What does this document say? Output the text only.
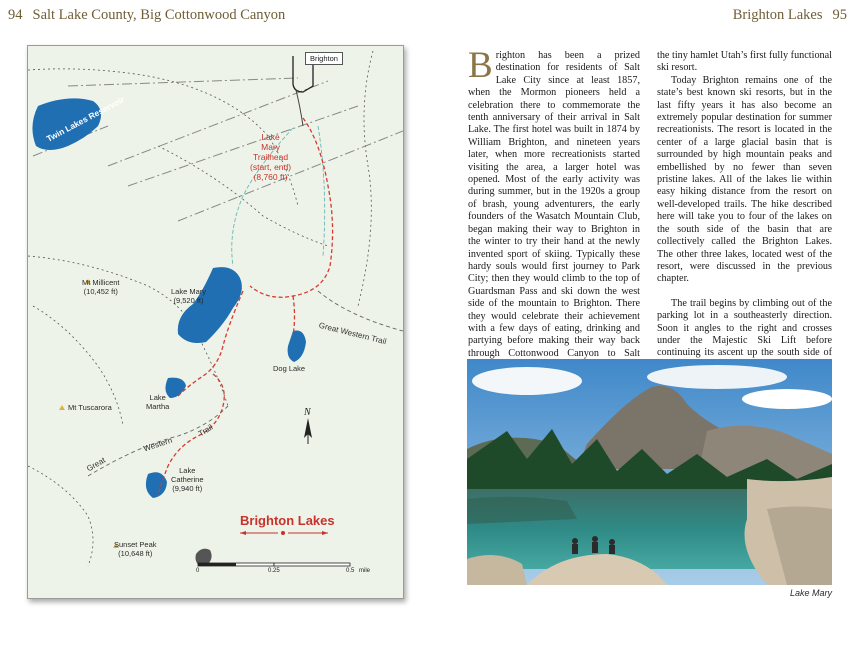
94 Salt Lake County, Big Cottonwood Canyon	Brighton Lakes 95
Brighton
Twin Lakes Reservoir	Lake
Mary
Trailhead
(start, end)
(8,760 ft)
Mt Millicent
(10,452 ft)	Lake Mary
(9,520 ft)
Dog Lake
Lake
Martha
Mt Tuscarora
Lake
Catherine
(9,940 ft)
Sunset Peak
(10,648 ft)
Great Western Trail
Great
Western
Trail
N
Brighton Lakes
0	0.25	0.5 mile

Brighton has been a prized destination for residents of Salt Lake City since at least 1857, when the Mormon pioneers held a celebration there to commemorate the tenth anniversary of their arrival in Salt Lake. The first hotel was built in 1874 by William Brighton, and nineteen years later, when more recreationists started visiting the area, a larger hotel was opened. Most of the early activity was during summer, but in the 1920s a group of brash, young adventurers, the early founders of the Wasatch Mountain Club, began making their way to Brighton in the winter to try their hand at the newly invented sport of skiing. Typically these hardy souls would first journey to Park City; then they would climb to the top of Guardsman Pass and ski down the west side of the mountain to Brighton. There they would celebrate their achievement with a few days of eating, drinking and partying before making their way back through Cottonwood Canyon to Salt

the tiny hamlet Utah’s first fully functional ski resort.

Today Brighton remains one of the state’s best known ski resorts, but in the last fifty years it has also become an extremely popular destination for summer recreationists. The resort is located in the center of a large glacial basin that is surrounded by high mountain peaks and embellished by no fewer than seven pristine lakes. All of the lakes lie within easy hiking distance from the resort on well-developed trails. The hike described here will take you to four of the lakes on the south side of the basin that are collectively called the Brighton Lakes. The other three lakes, located west of the resort, were discussed in the previous chapter.

The trail begins by climbing out of the parking lot in a southeasterly direction. Soon it angles to the right and crosses under the Majestic Ski Lift before continuing its ascent up the south side of

Lake Mary
